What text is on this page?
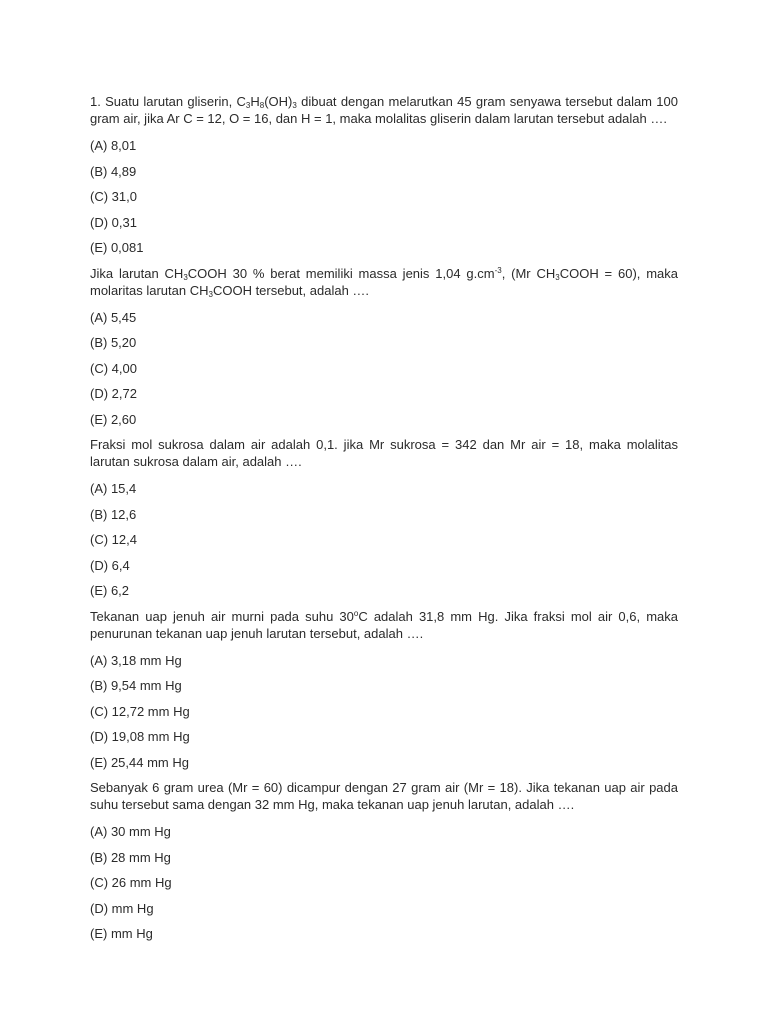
1. Suatu larutan gliserin, $C_3H_8(OH)_3$ dibuat dengan melarutkan 45 gram senyawa tersebut dalam 100 gram air, jika Ar C = 12, O = 16, dan H = 1, maka molalitas gliserin dalam larutan tersebut adalah ….

(A) 8,01

(B) 4,89

(C) 31,0

(D) 0,31

(E) 0,081

Jika larutan $CH_3COOH$ 30 % berat memiliki massa jenis 1,04 $g.cm^{-3}$, (Mr $CH_3COOH = 60$), maka molaritas larutan $CH_3COOH$ tersebut, adalah ….

(A) 5,45

(B) 5,20

(C) 4,00

(D) 2,72

(E) 2,60

Fraksi mol sukrosa dalam air adalah 0,1. jika Mr sukrosa = 342 dan Mr air = 18, maka molalitas larutan sukrosa dalam air, adalah ….

(A) 15,4

(B) 12,6

(C) 12,4

(D) 6,4

(E) 6,2

Tekanan uap jenuh air murni pada suhu 30$^o$C adalah 31,8 mm Hg. Jika fraksi mol air 0,6, maka penurunan tekanan uap jenuh larutan tersebut, adalah ….

(A) 3,18 mm Hg

(B) 9,54 mm Hg

(C) 12,72 mm Hg

(D) 19,08 mm Hg

(E) 25,44 mm Hg

Sebanyak 6 gram urea (Mr = 60) dicampur dengan 27 gram air (Mr = 18). Jika tekanan uap air pada suhu tersebut sama dengan 32 mm Hg, maka tekanan uap jenuh larutan, adalah ….

(A) 30 mm Hg

(B) 28 mm Hg

(C) 26 mm Hg

(D) mm Hg

(E) mm Hg
